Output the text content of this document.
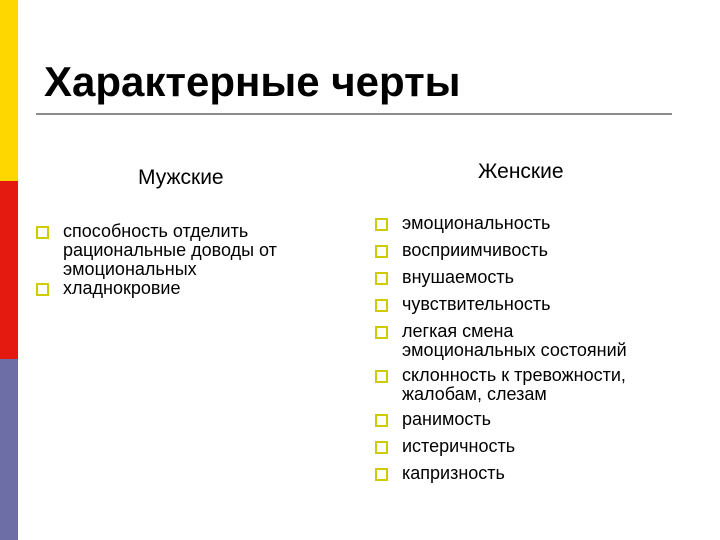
Характерные черты
Мужские	Женские
способность отделить
рациональные доводы от
эмоциональных
хладнокровие
эмоциональность
восприимчивость
внушаемость
чувствительность
легкая смена
эмоциональных состояний
склонность к тревожности,
жалобам, слезам
ранимость
истеричность
капризность
